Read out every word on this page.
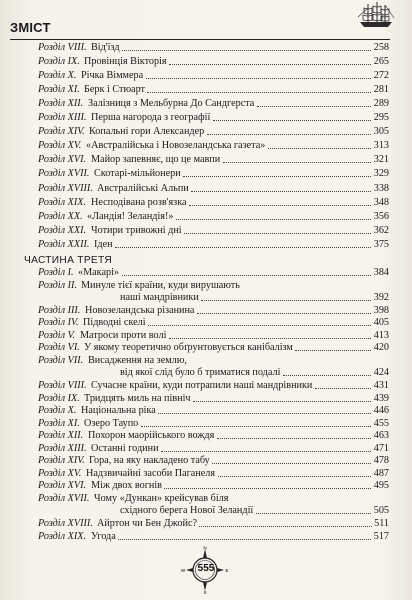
ЗМІСТ
Розділ VIII. Від'їзд	258
Розділ IX. Провінція Вікторія	265
Розділ X. Річка Віммера	272
Розділ XI. Берк і Стюарт	281
Розділ XII. Залізниця з Мельбурна До Сандгерста	289
Розділ XIII. Перша нагорода з географії	295
Розділ XIV. Копальні гори Александер	305
Розділ XV. «Австралійська і Новозеландська газета»	313
Розділ XVI. Майор запевняє, що це мавпи	321
Розділ XVII. Скотарі-мільйонери	329
Розділ XVIII. Австралійські Альпи	338
Розділ XIX. Несподівана розв'язка	348
Розділ XX. «Ландія! Зеландія!»	356
Розділ XXI. Чотири тривожні дні	362
Розділ XXII. Іден	375
Розділ I. «Макарі»	384
Розділ II. Минуле тієї країни, куди вирушають
наші мандрівники	392
Розділ III. Новозеландська різанина	398
Розділ IV. Підводні скелі	405
Розділ V. Матроси проти волі	413
Розділ VI. У якому теоретично обґрунтовується канібалізм	420
Розділ VII. Висадження на землю,
від якої слід було б триматися подалі	424
Розділ VIII. Сучасне країни, куди потрапили наші мандрівники	431
Розділ IX. Тридцять миль на північ	439
Розділ X. Національна ріка	446
Розділ XI. Озеро Таупо	455
Розділ XII. Похорон маорійського вождя	463
Розділ XIII. Останні години	471
Розділ XIV. Гора, на яку накладено табу	478
Розділ XV. Надзвичайні засоби Паганеля	487
Розділ XVI. Між двох вогнів	495
Розділ XVII. Чому «Дункан» крейсував біля
східного берега Нової Зеландії	505
Розділ XVIII. Айртон чи Бен Джойс?	511
Розділ XIX. Угода	517
ЧАСТИНА ТРЕТЯ
N
S
W	E
555
